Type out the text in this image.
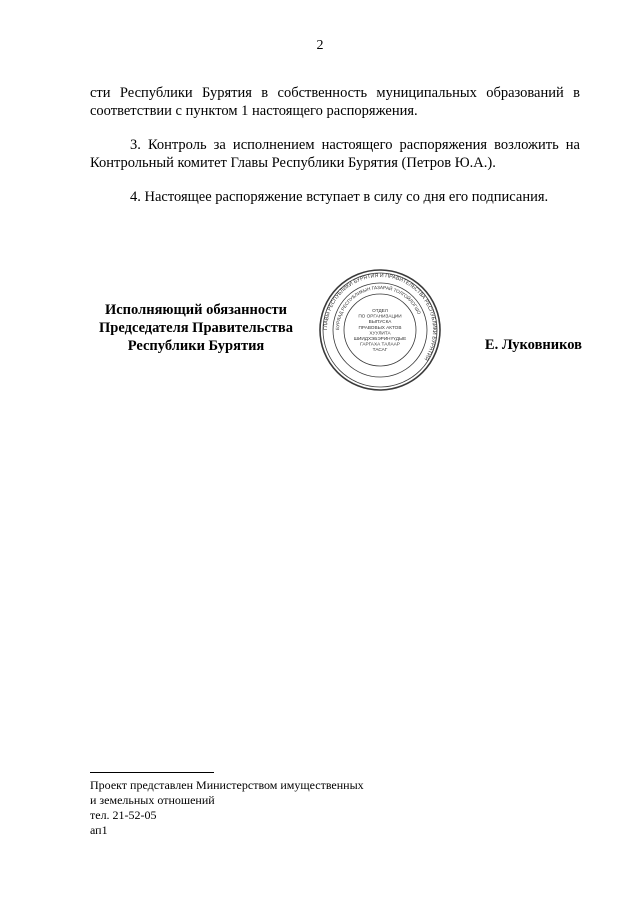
2
сти Республики Бурятия в собственность муниципальных образований в соответствии с пунктом 1 настоящего распоряжения.
3. Контроль за исполнением настоящего распоряжения возложить на Контрольный комитет Главы Республики Бурятия (Петров Ю.А.).
4. Настоящее распоряжение вступает в силу со дня его подписания.
Исполняющий обязанности
Председателя Правительства
Республики Бурятия
ГЛАВЫ РЕСПУБЛИКИ БУРЯТИЯ И ПРАВИТЕЛЬСТВА РЕСПУБЛИКИ БУРЯТИЯ
БУРЯАД РЕСПУБЛИКЫН ГАЗАРАЙ ТОЛГОЙЛОГШО
ОТДЕЛ
ПО ОРГАНИЗАЦИИ
ВЫПУСКА
ПРАВОВЫХ АКТОВ
ХУУЛИТА
ШИИДХЭБЭРИНҮҮДЫЕ
ГАРГАХА ТАЛААР
ТАСАГ	Е. Луковников
Проект представлен Министерством имущественных
и земельных отношений
тел. 21-52-05
ап1
